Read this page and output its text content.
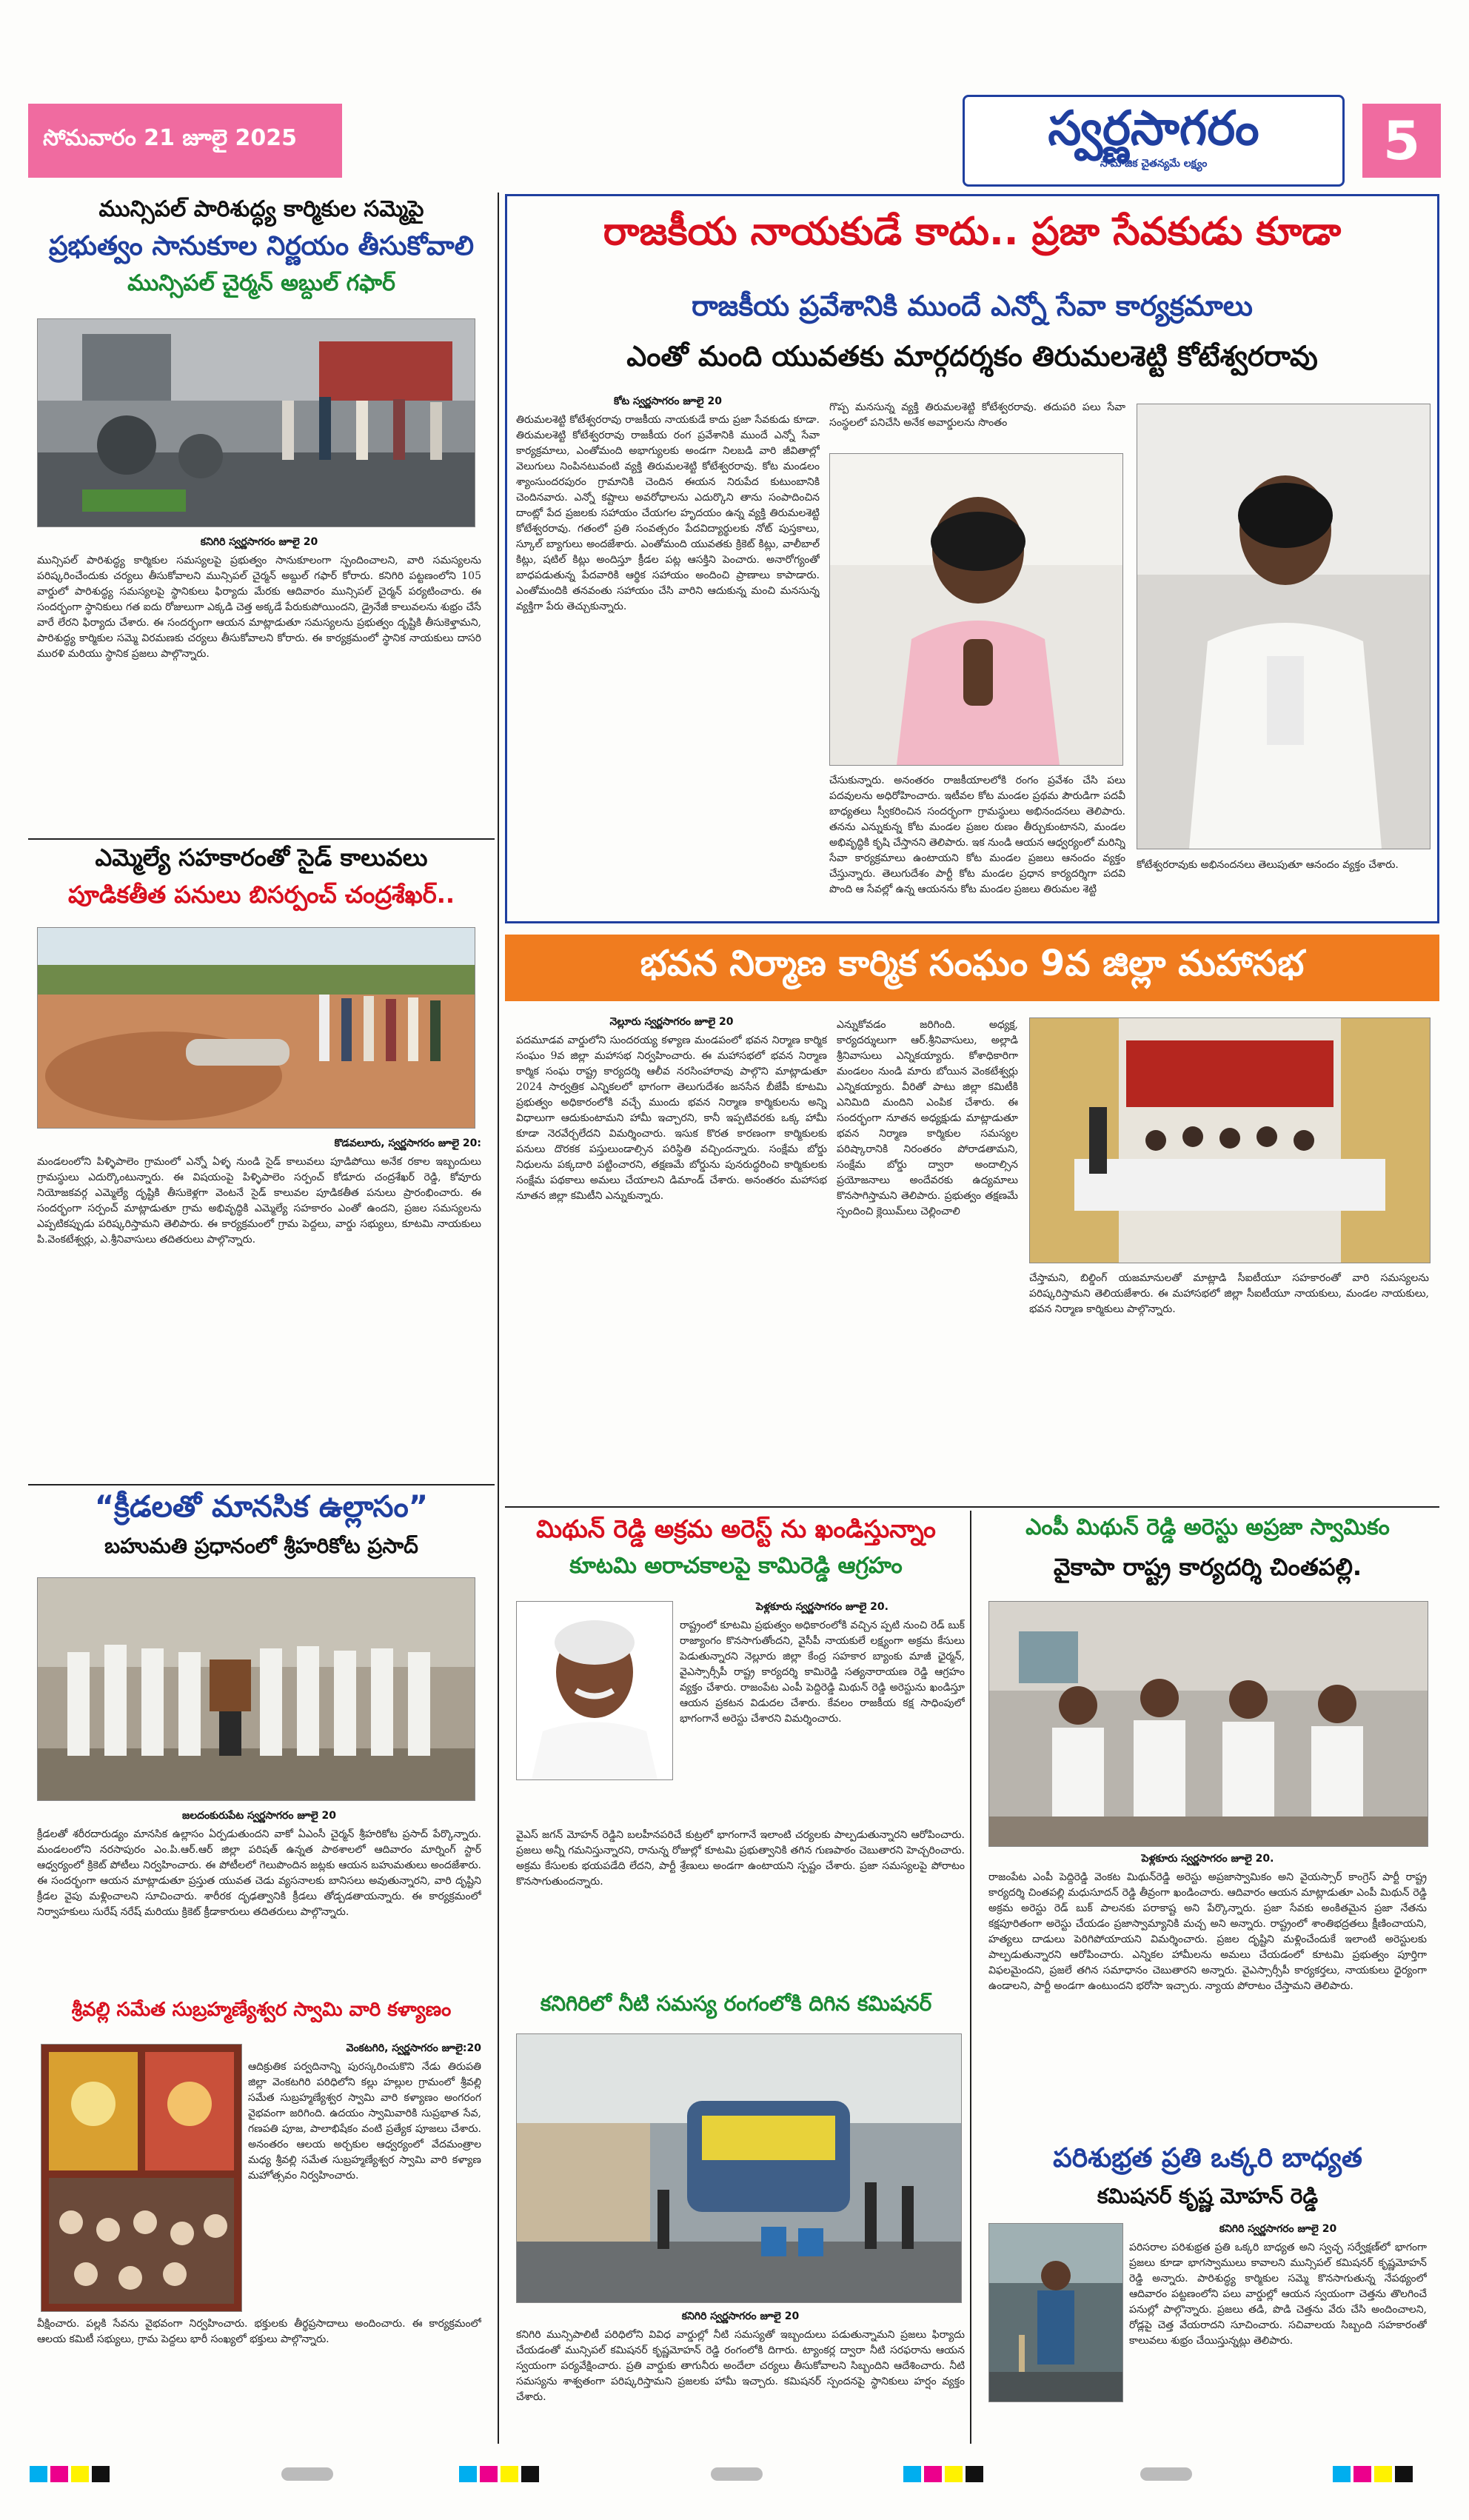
సోమవారం 21 జూలై 2025	స్వర్ణసాగరం
సామాజిక చైతన్యమే లక్ష్యం	5
మున్సిపల్ పారిశుద్ధ్య కార్మికుల సమ్మెపై
ప్రభుత్వం సానుకూల నిర్ణయం తీసుకోవాలి
మున్సిపల్ చైర్మన్ అబ్దుల్ గఫార్
కనిగిరి స్వర్ణసాగరం జూలై 20
మున్సిపల్ పారిశుద్ధ్య కార్మికుల సమస్యలపై ప్రభుత్వం సానుకూలంగా స్పందించాలని, వారి సమస్యలను పరిష్కరించేందుకు చర్యలు తీసుకోవాలని మున్సిపల్ చైర్మన్ అబ్దుల్ గఫార్ కోరారు. కనిగిరి పట్టణంలోని 105 వార్డులో పారిశుద్ధ్య సమస్యలపై స్థానికులు ఫిర్యాదు మేరకు ఆదివారం మున్సిపల్ చైర్మన్ పర్యటించారు. ఈ సందర్భంగా స్థానికులు గత ఐదు రోజులుగా ఎక్కడి చెత్త అక్కడే పేరుకుపోయిందని, డ్రైనేజీ కాలువలను శుభ్రం చేసే వారే లేరని ఫిర్యాదు చేశారు. ఈ సందర్భంగా ఆయన మాట్లాడుతూ సమస్యలను ప్రభుత్వం దృష్టికి తీసుకెళ్తామని, పారిశుద్ధ్య కార్మికుల సమ్మె విరమణకు చర్యలు తీసుకోవాలని కోరారు. ఈ కార్యక్రమంలో స్థానిక నాయకులు దాసరి మురళి మరియు స్థానిక ప్రజలు పాల్గొన్నారు.
ఎమ్మెల్యే సహకారంతో సైడ్ కాలువలు
పూడికతీత పనులు బిసర్పంచ్ చంద్రశేఖర్..
కొడవలూరు, స్వర్ణసాగరం జూలై 20:
మండలంలోని పిళ్ళిపాలెం గ్రామంలో ఎన్నో ఏళ్ళ నుండి సైడ్ కాలువలు పూడిపోయి అనేక రకాల ఇబ్బందులు గ్రామస్థులు ఎదుర్కొంటున్నారు. ఈ విషయంపై పిళ్ళిపాలెం సర్పంచ్ కోడూరు చంద్రశేఖర్ రెడ్డి, కోవూరు నియోజకవర్గ ఎమ్మెల్యే దృష్టికి తీసుకెళ్లగా వెంటనే సైడ్ కాలువల పూడికతీత పనులు ప్రారంభించారు. ఈ సందర్భంగా సర్పంచ్ మాట్లాడుతూ గ్రామ అభివృద్ధికి ఎమ్మెల్యే సహకారం ఎంతో ఉందని, ప్రజల సమస్యలను ఎప్పటికప్పుడు పరిష్కరిస్తామని తెలిపారు. ఈ కార్యక్రమంలో గ్రామ పెద్దలు, వార్డు సభ్యులు, కూటమి నాయకులు పి.వెంకటేశ్వర్లు, ఎ.శ్రీనివాసులు తదితరులు పాల్గొన్నారు.
“క్రీడలతో మానసిక ఉల్లాసం”
బహుమతి ప్రధానంలో శ్రీహరికోట ప్రసాద్
జలదంకురుపేట స్వర్ణసాగరం జూలై 20
క్రీడలతో శరీరదారుడ్యం మానసిక ఉల్లాసం ఏర్పడుతుందని వాకో ఏఎంసీ చైర్మన్ శ్రీహరికోట ప్రసాద్ పేర్కొన్నారు. మండలంలోని నరసాపురం ఎం.పి.ఆర్.ఆర్ జిల్లా పరిషత్ ఉన్నత పాఠశాలలో ఆదివారం మార్నింగ్ స్టార్ ఆధ్వర్యంలో క్రికెట్ పోటీలు నిర్వహించారు. ఈ పోటీలలో గెలుపొందిన జట్లకు ఆయన బహుమతులు అందజేశారు. ఈ సందర్భంగా ఆయన మాట్లాడుతూ ప్రస్తుత యువత చెడు వ్యసనాలకు బానిసలు అవుతున్నారని, వారి దృష్టిని క్రీడల వైపు మళ్లించాలని సూచించారు. శారీరక దృఢత్వానికి క్రీడలు తోడ్పడతాయన్నారు. ఈ కార్యక్రమంలో నిర్వాహకులు సురేష్ నరేష్ మరియు క్రికెట్ క్రీడాకారులు తదితరులు పాల్గొన్నారు.
శ్రీవల్లి సమేత సుబ్రహ్మణ్యేశ్వర స్వామి వారి కళ్యాణం
వెంకటగిరి, స్వర్ణసాగరం జూలై:20
ఆదిక్రుతిక పర్వదినాన్ని పురస్కరించుకొని నేడు తిరుపతి జిల్లా వెంకటగిరి పరిధిలోని కల్లు హల్లుల గ్రామంలో శ్రీవల్లి సమేత సుబ్రహ్మణ్యేశ్వర స్వామి వారి కళ్యాణం అంగరంగ వైభవంగా జరిగింది. ఉదయం స్వామివారికి సుప్రభాత సేవ, గణపతి పూజ, పాలాభిషేకం వంటి ప్రత్యేక పూజలు చేశారు. అనంతరం ఆలయ అర్చకుల ఆధ్వర్యంలో వేదమంత్రాల మధ్య శ్రీవల్లి సమేత సుబ్రహ్మణ్యేశ్వర స్వామి వారి కళ్యాణ మహోత్సవం నిర్వహించారు.
వీక్షించారు. పల్లకి సేవను వైభవంగా నిర్వహించారు. భక్తులకు తీర్థప్రసాదాలు అందించారు. ఈ కార్యక్రమంలో ఆలయ కమిటీ సభ్యులు, గ్రామ పెద్దలు భారీ సంఖ్యలో భక్తులు పాల్గొన్నారు.
రాజకీయ నాయకుడే కాదు.. ప్రజా సేవకుడు కూడా
రాజకీయ ప్రవేశానికి ముందే ఎన్నో సేవా కార్యక్రమాలు
ఎంతో మంది యువతకు మార్గదర్శకం తిరుమలశెట్టి కోటేశ్వరరావు
కోట స్వర్ణసాగరం జూలై 20
తిరుమలశెట్టి కోటేశ్వరరావు రాజకీయ నాయకుడే కాదు ప్రజా సేవకుడు కూడా. తిరుమలశెట్టి కోటేశ్వరరావు రాజకీయ రంగ ప్రవేశానికి ముందే ఎన్నో సేవా కార్యక్రమాలు, ఎంతోమంది అభాగ్యులకు అండగా నిలబడి వారి జీవితాల్లో వెలుగులు నింపినటువంటి వ్యక్తి తిరుమలశెట్టి కోటేశ్వరరావు. కోట మండలం శ్యాంసుందరపురం గ్రామానికి చెందిన ఈయన నిరుపేద కుటుంబానికి చెందినవారు. ఎన్నో కష్టాలు అవరోధాలను ఎదుర్కొని తాను సంపాదించిన దాంట్లో పేద ప్రజలకు సహాయం చేయగల హృదయం ఉన్న వ్యక్తి తిరుమలశెట్టి కోటేశ్వరరావు. గతంలో ప్రతి సంవత్సరం పేదవిద్యార్థులకు నోట్ పుస్తకాలు, స్కూల్ బ్యాగులు అందజేశారు. ఎంతోమంది యువతకు క్రికెట్ కిట్లు, వాలీబాల్ కిట్లు, షటిల్ కిట్లు అందిస్తూ క్రీడల పట్ల ఆసక్తిని పెంచారు. అనారోగ్యంతో బాధపడుతున్న పేదవారికి ఆర్థిక సహాయం అందించి ప్రాణాలు కాపాడారు. ఎంతోమందికి తనవంతు సహాయం చేసి వారిని ఆదుకున్న మంచి మనసున్న వ్యక్తిగా పేరు తెచ్చుకున్నారు.
గొప్ప మనసున్న వ్యక్తి తిరుమలశెట్టి కోటేశ్వరరావు. తదుపరి పలు సేవా సంస్థలలో పనిచేసి అనేక అవార్డులను సొంతం
చేసుకున్నారు. అనంతరం రాజకీయాలలోకి రంగం ప్రవేశం చేసి పలు పదవులను అధిరోహించారు. ఇటీవల కోట మండల ప్రథమ పౌరుడిగా పదవీ బాధ్యతలు స్వీకరించిన సందర్భంగా గ్రామస్థులు అభినందనలు తెలిపారు. తనను ఎన్నుకున్న కోట మండల ప్రజల రుణం తీర్చుకుంటానని, మండల అభివృద్ధికి కృషి చేస్తానని తెలిపారు. ఇక నుండి ఆయన ఆధ్వర్యంలో మరిన్ని సేవా కార్యక్రమాలు ఉంటాయని కోట మండల ప్రజలు ఆనందం వ్యక్తం చేస్తున్నారు. తెలుగుదేశం పార్టీ కోట మండల ప్రధాన కార్యదర్శిగా పదవి పొంది ఆ సేవల్లో ఉన్న ఆయనను కోట మండల ప్రజలు తిరుమల శెట్టి
కోటేశ్వరరావుకు అభినందనలు తెలుపుతూ ఆనందం వ్యక్తం చేశారు.
భవన నిర్మాణ కార్మిక సంఘం 9వ జిల్లా మహాసభ
నెల్లూరు స్వర్ణసాగరం జూలై 20
పదమూడవ వార్డులోని సుందరయ్య కళ్యాణ మండపంలో భవన నిర్మాణ కార్మిక సంఘం 9వ జిల్లా మహాసభ నిర్వహించారు. ఈ మహాసభలో భవన నిర్మాణ కార్మిక సంఘ రాష్ట్ర కార్యదర్శి ఆలీవ నరసింహారావు పాల్గొని మాట్లాడుతూ 2024 సార్వత్రిక ఎన్నికలలో భాగంగా తెలుగుదేశం జనసేన బీజేపీ కూటమి ప్రభుత్వం అధికారంలోకి వచ్చే ముందు భవన నిర్మాణ కార్మికులను అన్ని విధాలుగా ఆదుకుంటామని హామీ ఇచ్చారని, కానీ ఇప్పటివరకు ఒక్క హామీ కూడా నెరవేర్చలేదని విమర్శించారు. ఇసుక కొరత కారణంగా కార్మికులకు పనులు దొరకక పస్తులుండాల్సిన పరిస్థితి వచ్చిందన్నారు. సంక్షేమ బోర్డు నిధులను పక్కదారి పట్టించారని, తక్షణమే బోర్డును పునరుద్ధరించి కార్మికులకు సంక్షేమ పథకాలు అమలు చేయాలని డిమాండ్ చేశారు. అనంతరం మహాసభ నూతన జిల్లా కమిటీని ఎన్నుకున్నారు.
ఎన్నుకోవడం జరిగింది. అధ్యక్ష, కార్యదర్శులుగా ఆర్.శ్రీనివాసులు, అల్లాడి శ్రీనివాసులు ఎన్నికయ్యారు. కోశాధికారిగా మండలం నుండి మారు బోయిన వెంకటేశ్వర్లు ఎన్నికయ్యారు. వీరితో పాటు జిల్లా కమిటీకి ఎనిమిది మందిని ఎంపిక చేశారు. ఈ సందర్భంగా నూతన అధ్యక్షుడు మాట్లాడుతూ భవన నిర్మాణ కార్మికుల సమస్యల పరిష్కారానికి నిరంతరం పోరాడతామని, సంక్షేమ బోర్డు ద్వారా అందాల్సిన ప్రయోజనాలు అందేవరకు ఉద్యమాలు కొనసాగిస్తామని తెలిపారు. ప్రభుత్వం తక్షణమే స్పందించి క్లెయిమ్‌లు చెల్లించాలి
చేస్తామని, బిల్డింగ్ యజమానులతో మాట్లాడి సీఐటీయూ సహకారంతో వారి సమస్యలను పరిష్కరిస్తామని తెలియజేశారు. ఈ మహాసభలో జిల్లా సీఐటీయూ నాయకులు, మండల నాయకులు, భవన నిర్మాణ కార్మికులు పాల్గొన్నారు.
మిథున్ రెడ్డి అక్రమ అరెస్ట్ ను ఖండిస్తున్నాం
కూటమి అరాచకాలపై కామిరెడ్డి ఆగ్రహం
పెళ్లకూరు స్వర్ణసాగరం జూలై 20.
రాష్ట్రంలో కూటమి ప్రభుత్వం అధికారంలోకి వచ్చిన ప్పటి నుంచి రెడ్ బుక్ రాజ్యాంగం కొనసాగుతోందని, వైసీపీ నాయకులే లక్ష్యంగా అక్రమ కేసులు పెడుతున్నారని నెల్లూరు జిల్లా కేంద్ర సహకార బ్యాంకు మాజీ ఛైర్మన్, వైఎస్సార్సీపీ రాష్ట్ర కార్యదర్శి కామిరెడ్డి సత్యనారాయణ రెడ్డి ఆగ్రహం వ్యక్తం చేశారు. రాజంపేట ఎంపీ పెద్దిరెడ్డి మిథున్ రెడ్డి అరెస్టును ఖండిస్తూ ఆయన ప్రకటన విడుదల చేశారు. కేవలం రాజకీయ కక్ష సాధింపులో భాగంగానే అరెస్టు చేశారని విమర్శించారు.
వైఎస్ జగన్ మోహన్ రెడ్డిని బలహీనపరిచే కుట్రలో భాగంగానే ఇలాంటి చర్యలకు పాల్పడుతున్నారని ఆరోపించారు. ప్రజలు అన్నీ గమనిస్తున్నారని, రానున్న రోజుల్లో కూటమి ప్రభుత్వానికి తగిన గుణపాఠం చెబుతారని హెచ్చరించారు. అక్రమ కేసులకు భయపడేది లేదని, పార్టీ శ్రేణులు అండగా ఉంటాయని స్పష్టం చేశారు. ప్రజా సమస్యలపై పోరాటం కొనసాగుతుందన్నారు.
కనిగిరిలో నీటి సమస్య రంగంలోకి దిగిన కమిషనర్
కనిగిరి స్వర్ణసాగరం జూలై 20
కనిగిరి మున్సిపాలిటీ పరిధిలోని వివిధ వార్డుల్లో నీటి సమస్యతో ఇబ్బందులు పడుతున్నామని ప్రజలు ఫిర్యాదు చేయడంతో మున్సిపల్ కమిషనర్ కృష్ణమోహన్ రెడ్డి రంగంలోకి దిగారు. ట్యాంకర్ల ద్వారా నీటి సరఫరాను ఆయన స్వయంగా పర్యవేక్షించారు. ప్రతి వార్డుకు తాగునీరు అందేలా చర్యలు తీసుకోవాలని సిబ్బందిని ఆదేశించారు. నీటి సమస్యను శాశ్వతంగా పరిష్కరిస్తామని ప్రజలకు హామీ ఇచ్చారు. కమిషనర్ స్పందనపై స్థానికులు హర్షం వ్యక్తం చేశారు.
ఎంపీ మిథున్ రెడ్డి అరెస్టు అప్రజా స్వామికం
వైకాపా రాష్ట్ర కార్యదర్శి చింతపల్లి.
పెళ్లకూరు స్వర్ణసాగరం జూలై 20.
రాజంపేట ఎంపీ పెద్దిరెడ్డి వెంకట మిథున్‌రెడ్డి అరెస్టు అప్రజాస్వామికం అని వైయస్సార్ కాంగ్రెస్ పార్టీ రాష్ట్ర కార్యదర్శి చింతపల్లి మధుసూదన్ రెడ్డి తీవ్రంగా ఖండించారు. ఆదివారం ఆయన మాట్లాడుతూ ఎంపీ మిథున్ రెడ్డి అక్రమ అరెస్టు రెడ్ బుక్ పాలనకు పరాకాష్ట అని పేర్కొన్నారు. ప్రజా సేవకు అంకితమైన ప్రజా నేతను కక్షపూరితంగా అరెస్టు చేయడం ప్రజాస్వామ్యానికి మచ్చ అని అన్నారు. రాష్ట్రంలో శాంతిభద్రతలు క్షీణించాయని, హత్యలు దాడులు పెరిగిపోయాయని విమర్శించారు. ప్రజల దృష్టిని మళ్లించేందుకే ఇలాంటి అరెస్టులకు పాల్పడుతున్నారని ఆరోపించారు. ఎన్నికల హామీలను అమలు చేయడంలో కూటమి ప్రభుత్వం పూర్తిగా విఫలమైందని, ప్రజలే తగిన సమాధానం చెబుతారని అన్నారు. వైఎస్సార్సీపీ కార్యకర్తలు, నాయకులు ధైర్యంగా ఉండాలని, పార్టీ అండగా ఉంటుందని భరోసా ఇచ్చారు. న్యాయ పోరాటం చేస్తామని తెలిపారు.
పరిశుభ్రత ప్రతి ఒక్కరి బాధ్యత
కమిషనర్ కృష్ణ మోహన్ రెడ్డి
కనిగిరి స్వర్ణసాగరం జూలై 20
పరిసరాల పరిశుభ్రత ప్రతి ఒక్కరి బాధ్యత అని స్వచ్ఛ సర్వేక్షణ్‌లో భాగంగా ప్రజలు కూడా భాగస్వాములు కావాలని మున్సిపల్ కమిషనర్ కృష్ణమోహన్ రెడ్డి అన్నారు. పారిశుద్ధ్య కార్మికుల సమ్మె కొనసాగుతున్న నేపథ్యంలో ఆదివారం పట్టణంలోని పలు వార్డుల్లో ఆయన స్వయంగా చెత్తను తొలగించే పనుల్లో పాల్గొన్నారు. ప్రజలు తడి, పొడి చెత్తను వేరు చేసి అందించాలని, రోడ్లపై చెత్త వేయరాదని సూచించారు. సచివాలయ సిబ్బంది సహకారంతో కాలువలు శుభ్రం చేయిస్తున్నట్లు తెలిపారు.
